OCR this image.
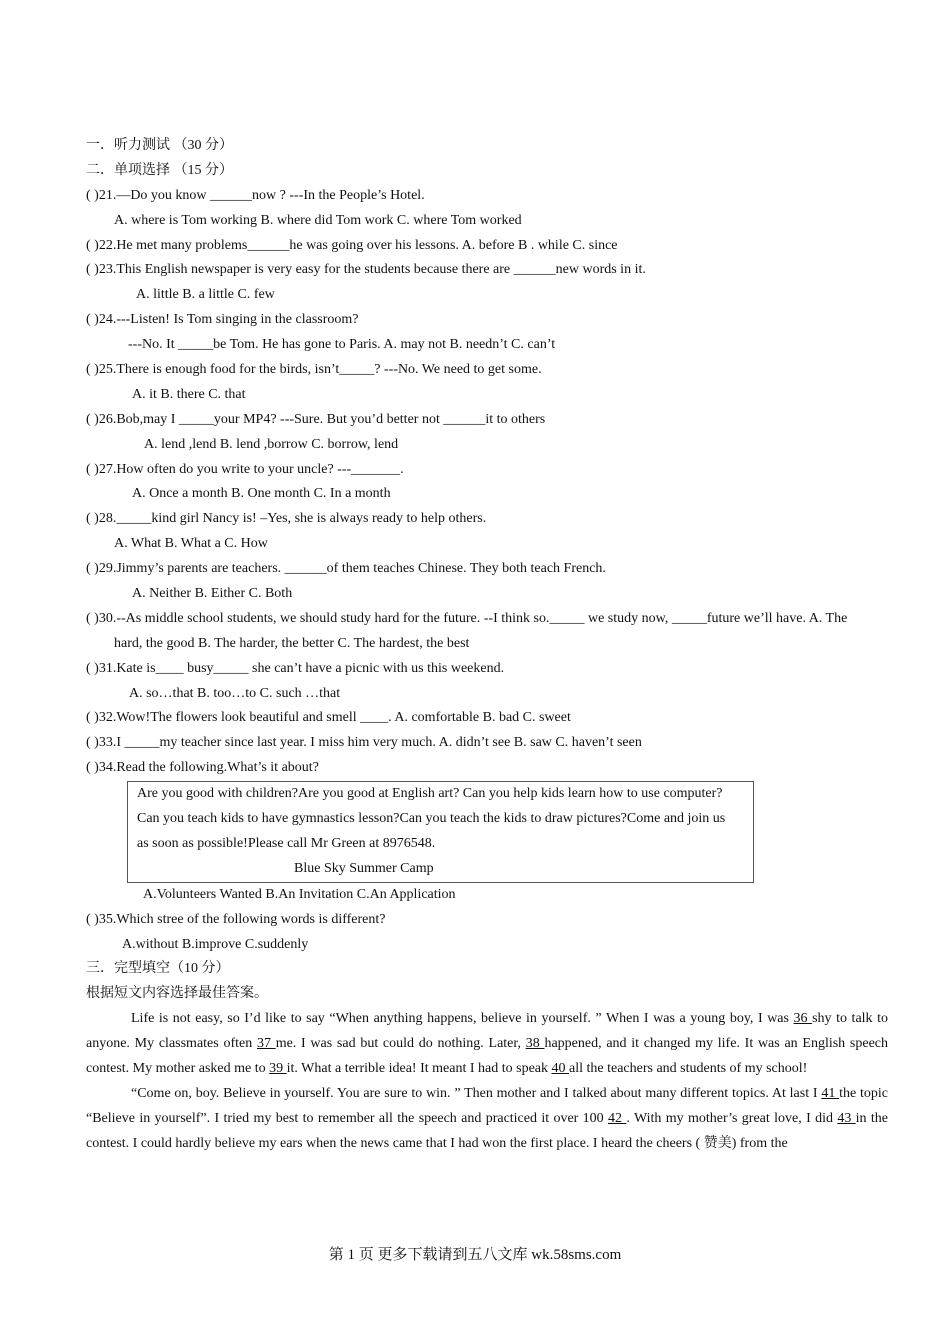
一．听力测试 （30 分）
二．单项选择 （15 分）
( )21.—Do you know ______now ? ---In the People’s Hotel.
A. where is Tom working B. where did Tom work C. where Tom worked
( )22.He met many problems______he was going over his lessons. A. before B . while C. since
( )23.This English newspaper is very easy for the students because there are ______new words in it.
A. little B. a little C. few
( )24.---Listen! Is Tom singing in the classroom?
---No. It _____be Tom. He has gone to Paris. A. may not B. needn’t C. can’t
( )25.There is enough food for the birds, isn’t_____? ---No. We need to get some.
A. it B. there C. that
( )26.Bob,may I _____your MP4? ---Sure. But you’d better not ______it to others
A. lend ,lend B. lend ,borrow C. borrow, lend
( )27.How often do you write to your uncle? ---_______.
A. Once a month B. One month C. In a month
( )28._____kind girl Nancy is! –Yes, she is always ready to help others.
A. What B. What a C. How
( )29.Jimmy’s parents are teachers. ______of them teaches Chinese. They both teach French.
A. Neither B. Either C. Both
( )30.--As middle school students, we should study hard for the future. --I think so._____ we study now, _____future we’ll have. A. The
hard, the good B. The harder, the better C. The hardest, the best
( )31.Kate is____ busy_____ she can’t have a picnic with us this weekend.
A. so…that B. too…to C. such …that
( )32.Wow!The flowers look beautiful and smell ____. A. comfortable B. bad C. sweet
( )33.I _____my teacher since last year. I miss him very much. A. didn’t see B. saw C. haven’t seen
( )34.Read the following.What’s it about?
Are you good with children?Are you good at English art? Can you help kids learn how to use computer?
Can you teach kids to have gymnastics lesson?Can you teach the kids to draw pictures?Come and join us
as soon as possible!Please call Mr Green at 8976548.
Blue Sky Summer Camp
A.Volunteers Wanted B.An Invitation C.An Application
( )35.Which stree of the following words is different?
A.without B.improve C.suddenly
三．完型填空（10 分）
根据短文内容选择最佳答案。

Life is not easy, so I’d like to say “When anything happens, believe in yourself. ” When I was a young boy, I was 36 shy to talk to anyone. My classmates often 37 me. I was sad but could do nothing. Later, 38 happened, and it changed my life. It was an English speech contest. My mother asked me to 39 it. What a terrible idea! It meant I had to speak 40 all the teachers and students of my school!

“Come on, boy. Believe in yourself. You are sure to win. ” Then mother and I talked about many different topics. At last I 41 the topic “Believe in yourself”. I tried my best to remember all the speech and practiced it over 100 42 . With my mother’s great love, I did 43 in the contest. I could hardly believe my ears when the news came that I had won the first place. I heard the cheers ( 赞美) from the

第 1 页 更多下载请到五八文库 wk.58sms.com
